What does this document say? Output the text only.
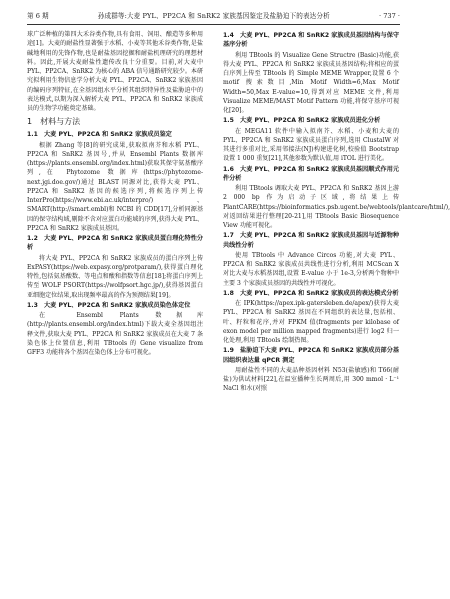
第 6 期	孙成群等:大麦 PYL、PP2CA 和 SnRK2 家族基因鉴定及盐胁迫下的表达分析	· 737 ·

球广泛种植的第四大禾谷类作物,具有食用、饲用、酿造等多种用途[1]。大麦的耐盐性显著强于水稻、小麦等其他禾谷类作物,是盐碱地利用的先锋作物,也是耐盐基因挖掘和耐盐机理研究的理想材料。因此,开展大麦耐盐性遗传改良十分重要。目前,对大麦中 PYL、PP2CA、SnRK2 为核心的 ABA 信号通路研究较少。本研究拟利用生物信息学分析大麦 PYL、PP2CA、SnRK2 家族基因的编码序列特征,在全基因组水平分析其组织特异性及盐胁迫中的表达模式,以期为深入解析大麦 PYL、PP2CA 和 SnRK2 家族成员的生物学功能奠定基础。

1　材料与方法
1.1　大麦 PYL、PP2CA 和 SnRK2 家族成员鉴定

根据 Zhang 等[8]的研究成果,获取拟南芥和水稻 PYL、PP2CA 和 SnRK2 基因号,并从 Ensembl Plants 数据库(https://plants.ensembl.org/index.html)获取其保守氨基酸序列,在 Phytozome 数据库(https://phytozome-next.jgi.doe.gov/)通过 BLAST 同源对比,获得大麦 PYL、PP2CA 和 SnRK2 基因的候选序列,将候选序列上传 InterPro(https://www.ebi.ac.uk/interpro/)、SMART(http://smart.embl)和 NCBI 的 CDD[17],分析同源基因的保守结构域,剔除不含对应蛋白功能域的序列,获得大麦 PYL、PP2CA 和 SnRK2 家族成员基因。

1.2　大麦 PYL、PP2CA 和 SnRK2 家族成员蛋白理化特性分析

将大麦 PYL、PP2CA 和 SnRK2 家族成员的蛋白序列上传 ExPASY(https://web.expasy.org/protparam/),获得蛋白理化特性,包括氨基酸数、等电点和酸和指数等信息[18];将蛋白序列上传至 WOLF PSORT(https://wolfpsort.hgc.jp/),获得基因蛋白亚细胞定位结果,取出现频率最高的作为预测结果[19]。

1.3　大麦 PYL、PP2CA 和 SnRK2 家族成员染色体定位

在 Ensembl Plants 数据库(http://plants.ensembl.org/index.html)下载大麦全基因组注释文件,获取大麦 PYL、PP2CA 和 SnRK2 家族成员在大麦 7 条染色体上位置信息,利用 TBtools 的 Gene visualize from GFF3 功能将各个基因在染色体上分布可视化。

1.4　大麦 PYL、PP2CA 和 SnRK2 家族成员基因结构与保守基序分析

利用 TBtools 的 Visualize Gene Structre (Basic)功能,获得大麦 PYL、PP2CA 和 SnRK2 家族成员基因结构;将相应的蛋白序列上传至 TBtools 的 Simple MEME Wrapper,设置 6 个 motif 搜索数目,Min Motif Width=6,Max Motif Width=50,Max E-value=10,得到对应 MEME 文件,利用 Visualize MEME/MAST Motif Pattern 功能,将保守基序可视化[20]。

1.5　大麦 PYL、PP2CA 和 SnRK2 家族成员进化分析

在 MEGA11 软件中输入拟南芥、水稻、小麦和大麦的 PYL、PP2CA 和 SnRK2 家族成员蛋白序列,选用 ClustalW 对其进行多重对比,采用邻接法(NJ)构建进化树,校验值 Bootstrap 设置 1 000 重复[21],其他参数为默认值,用 iTOL 进行美化。

1.6　大麦 PYL、PP2CA 和 SnRK2 家族成员基因顺式作用元件分析

利用 TBtools 调取大麦 PYL、PP2CA 和 SnRK2 基因上游 2 000 bp 作为启动子区域,将结果上传 PlantCARE(https://bioinformatics.psb.ugent.be/webtools/plantcare/html/),对返回结果进行整理[20-21],用 TBtools Basic Biosequence View 功能可视化。

1.7　大麦 PYL、PP2CA 和 SnRK2 家族成员基因与近源物种共线性分析

使用 TBtools 中 Advance Circos 功能,对大麦 PYL、PP2CA 和 SnRK2 家族成员共线性进行分析,利用 MCScan X 对比大麦与水稻基因组,设置 E-value 小于 1e-3,分析两个物种中主要 3 个家族成员基因的共线性并可视化。

1.8　大麦 PYL、PP2CA 和 SnRK2 家族成员的表达模式分析

在 IPK(https://apex.ipk-gatersleben.de/apex/)获得大麦 PYL、PP2CA 和 SnRK2 基因在不同组织的表达量,包括根、叶、籽粒和花序,并对 FPKM 值(fragments per kilobase of exon model per million mapped fragments)进行 log2 归一化处理,利用 TBtools 绘制热图。

1.9　盐胁迫下大麦 PYL、PP2CA 和 SnRK2 家族成员部分基因组织表达量 qPCR 测定

用耐盐性不同的大麦品种基因材料 N53(盐敏感)和 T66(耐盐)为供试材料[22],在温室播种生长两周后,用 300 mmol · L⁻¹ NaCl 和水(对照
